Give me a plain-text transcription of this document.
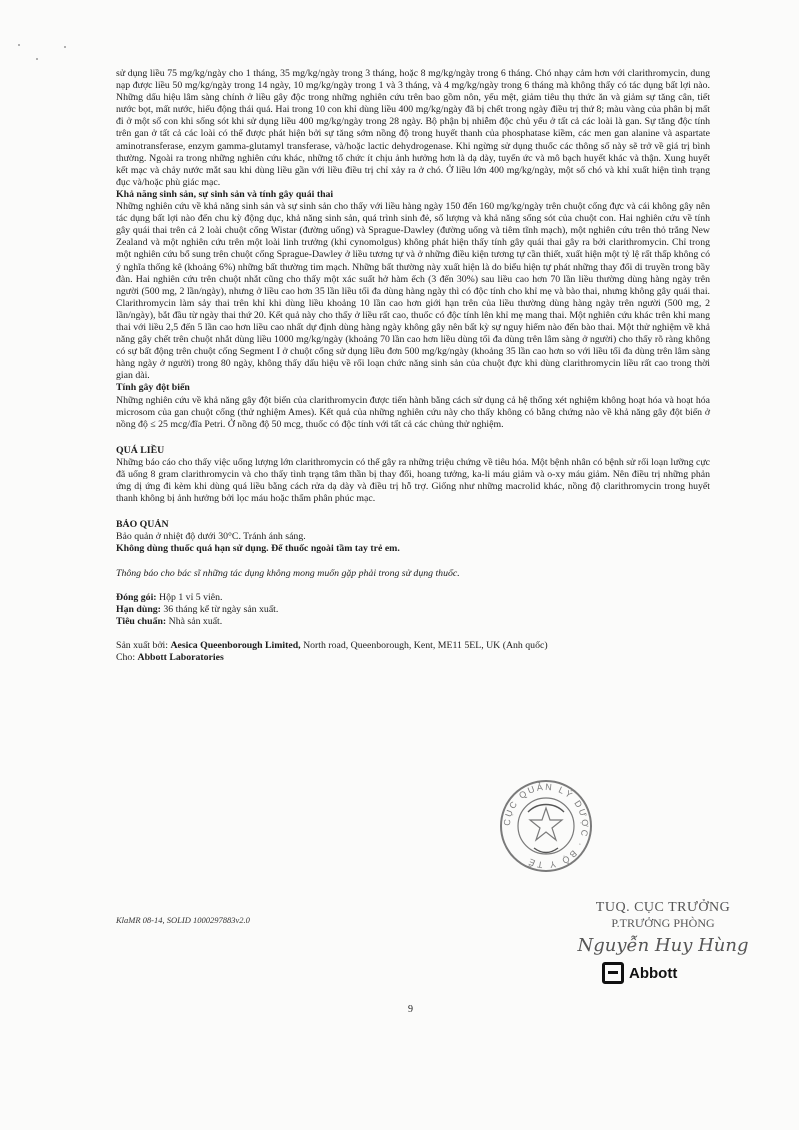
sử dụng liều 75 mg/kg/ngày cho 1 tháng, 35 mg/kg/ngày trong 3 tháng, hoặc 8 mg/kg/ngày trong 6 tháng. Chó nhạy cảm hơn với clarithromycin, dung nạp được liều 50 mg/kg/ngày trong 14 ngày, 10 mg/kg/ngày trong 1 và 3 tháng, và 4 mg/kg/ngày trong 6 tháng mà không thấy có tác dụng bất lợi nào. Những dấu hiệu lâm sàng chính ở liều gây độc trong những nghiên cứu trên bao gồm nôn, yếu mệt, giảm tiêu thụ thức ăn và giảm sự tăng cân, tiết nước bọt, mất nước, hiếu động thái quá. Hai trong 10 con khỉ dùng liều 400 mg/kg/ngày đã bị chết trong ngày điều trị thứ 8; màu vàng của phân bị mất đi ở một số con khi sống sót khi sử dụng liều 400 mg/kg/ngày trong 28 ngày. Bộ phận bị nhiễm độc chủ yếu ở tất cả các loài là gan. Sự tăng độc tính trên gan ở tất cả các loài có thể được phát hiện bởi sự tăng sớm nồng độ trong huyết thanh của phosphatase kiềm, các men gan alanine và aspartate aminotransferase, enzym gamma-glutamyl transferase, và/hoặc lactic dehydrogenase. Khi ngừng sử dụng thuốc các thông số này sẽ trở về giá trị bình thường. Ngoài ra trong những nghiên cứu khác, những tổ chức ít chịu ảnh hưởng hơn là dạ dày, tuyến ức và mô bạch huyết khác và thận. Xung huyết kết mạc và chảy nước mắt sau khi dùng liều gần với liều điều trị chỉ xảy ra ở chó. Ở liều lớn 400 mg/kg/ngày, một số chó và khỉ xuất hiện tình trạng đục và/hoặc phù giác mạc.

Khả năng sinh sản, sự sinh sản và tính gây quái thai

Những nghiên cứu về khả năng sinh sản và sự sinh sản cho thấy với liều hàng ngày 150 đến 160 mg/kg/ngày trên chuột cống đực và cái không gây nên tác dụng bất lợi nào đến chu kỳ động dục, khả năng sinh sản, quá trình sinh đẻ, số lượng và khả năng sống sót của chuột con. Hai nghiên cứu về tính gây quái thai trên cả 2 loài chuột cống Wistar (đường uống) và Sprague-Dawley (đường uống và tiêm tĩnh mạch), một nghiên cứu trên thỏ trắng New Zealand và một nghiên cứu trên một loài linh trưởng (khỉ cynomolgus) không phát hiện thấy tính gây quái thai gây ra bởi clarithromycin. Chỉ trong một nghiên cứu bổ sung trên chuột cống Sprague-Dawley ở liều tương tự và ở những điều kiện tương tự cần thiết, xuất hiện một tỷ lệ rất thấp không có ý nghĩa thống kê (khoảng 6%) những bất thường tim mạch. Những bất thường này xuất hiện là do biểu hiện tự phát những thay đổi di truyền trong bầy đàn. Hai nghiên cứu trên chuột nhắt cũng cho thấy một xác suất hở hàm ếch (3 đến 30%) sau liều cao hơn 70 lần liều thường dùng hàng ngày trên người (500 mg, 2 lần/ngày), nhưng ở liều cao hơn 35 lần liều tối đa dùng hàng ngày thì có độc tính cho khỉ mẹ và bào thai, nhưng không gây quái thai. Clarithromycin làm sảy thai trên khỉ khi dùng liều khoảng 10 lần cao hơn giới hạn trên của liều thường dùng hàng ngày trên người (500 mg, 2 lần/ngày), bắt đầu từ ngày thai thứ 20. Kết quả này cho thấy ở liều rất cao, thuốc có độc tính lên khỉ mẹ mang thai. Một nghiên cứu khác trên khỉ mang thai với liều 2,5 đến 5 lần cao hơn liều cao nhất dự định dùng hàng ngày không gây nên bất kỳ sự nguy hiểm nào đến bào thai. Một thử nghiệm về khả năng gây chết trên chuột nhắt dùng liều 1000 mg/kg/ngày (khoảng 70 lần cao hơn liều dùng tối đa dùng trên lâm sàng ở người) cho thấy rõ ràng không có sự bất động trên chuột cống Segment I ở chuột cống sử dụng liều đơn 500 mg/kg/ngày (khoảng 35 lần cao hơn so với liều tối đa dùng trên lâm sàng hàng ngày ở người) trong 80 ngày, không thấy dấu hiệu về rối loạn chức năng sinh sản của chuột đực khi dùng clarithromycin liều rất cao trong thời gian dài.

Tính gây đột biến

Những nghiên cứu về khả năng gây đột biến của clarithromycin được tiến hành bằng cách sử dụng cả hệ thống xét nghiệm không hoạt hóa và hoạt hóa microsom của gan chuột cống (thử nghiệm Ames). Kết quả của những nghiên cứu này cho thấy không có bằng chứng nào về khả năng gây đột biến ở nồng độ ≤ 25 mcg/đĩa Petri. Ở nồng độ 50 mcg, thuốc có độc tính với tất cả các chủng thử nghiệm.

QUÁ LIỀU

Những báo cáo cho thấy việc uống lượng lớn clarithromycin có thể gây ra những triệu chứng về tiêu hóa. Một bệnh nhân có bệnh sử rối loạn lưỡng cực đã uống 8 gram clarithromycin và cho thấy tình trạng tâm thần bị thay đổi, hoang tưởng, ka-li máu giảm và o-xy máu giảm. Nên điều trị những phản ứng dị ứng đi kèm khi dùng quá liều bằng cách rửa dạ dày và điều trị hỗ trợ. Giống như những macrolid khác, nồng độ clarithromycin trong huyết thanh không bị ảnh hưởng bởi lọc máu hoặc thẩm phân phúc mạc.

BẢO QUẢN

Bảo quản ở nhiệt độ dưới 30°C. Tránh ánh sáng.

Không dùng thuốc quá hạn sử dụng. Để thuốc ngoài tầm tay trẻ em.

Thông báo cho bác sĩ những tác dụng không mong muốn gặp phải trong sử dụng thuốc.

Đóng gói: Hộp 1 vỉ 5 viên.

Hạn dùng: 36 tháng kể từ ngày sản xuất.

Tiêu chuẩn: Nhà sản xuất.

Sản xuất bởi: Aesica Queenborough Limited, North road, Queenborough, Kent, ME11 5EL, UK (Anh quốc)

Cho: Abbott Laboratories

KlaMR 08-14, SOLID 1000297883v2.0
9
CỤC QUẢN LÝ DƯỢC · BỘ Y TẾ
TUQ. CỤC TRƯỞNG
P.TRƯỞNG PHÒNG
Nguyễn Huy Hùng
Abbott
